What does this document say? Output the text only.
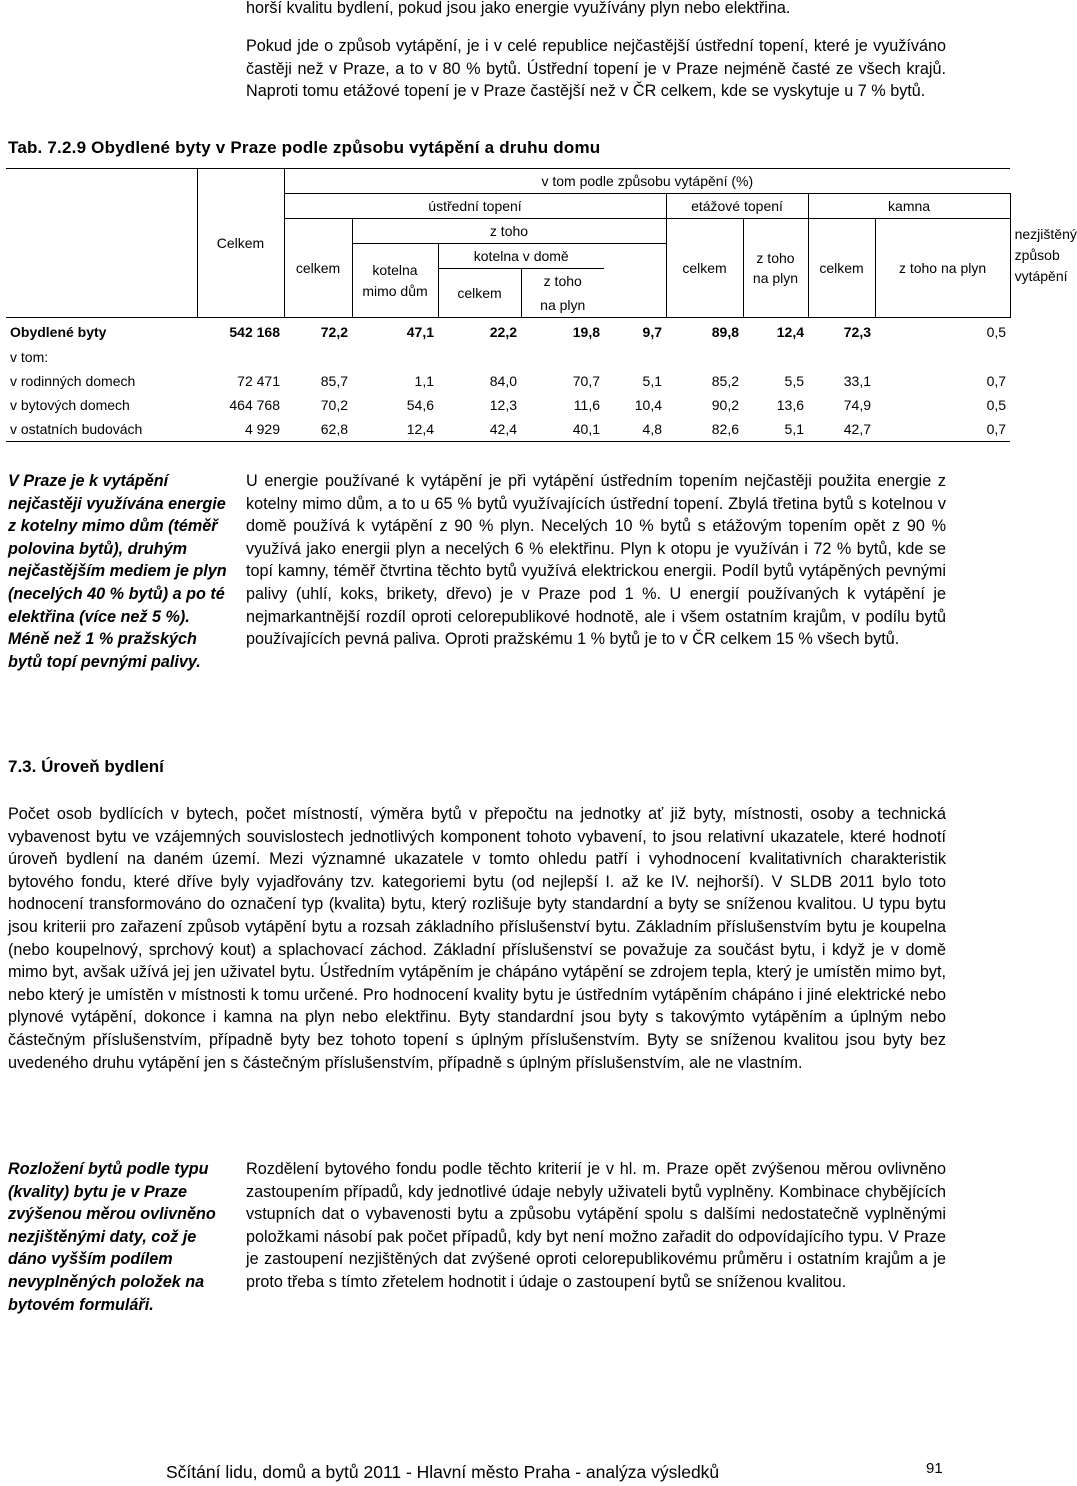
horší kvalitu bydlení, pokud jsou jako energie využívány plyn nebo elektřina.
Pokud jde o způsob vytápění, je i v celé republice nejčastější ústřední topení, které je využíváno častěji než v Praze, a to v 80 % bytů. Ústřední topení je v Praze nejméně časté ze všech krajů. Naproti tomu etážové topení je v Praze častější než v ČR celkem, kde se vyskytuje u 7 % bytů.
Tab. 7.2.9 Obydlené byty v Praze podle způsobu vytápění a druhu domu
	Celkem	v tom podle způsobu vytápění (%)									
		ústřední topení					etážové topení		kamna		nezjištěný způsob vytápění
		celkem	z toho				celkem	z toho na plyn	celkem	z toho na plyn	
			kotelna mimo dům	kotelna v domě							
				celkem	z toho						
					na plyn						
Obydlené byty	542 168	72,2	47,1	22,2	19,8	9,7	89,8	12,4	72,3	0,5	
v tom:											
v rodinných domech	72 471	85,7	1,1	84,0	70,7	5,1	85,2	5,5	33,1	0,7	
v bytových domech	464 768	70,2	54,6	12,3	11,6	10,4	90,2	13,6	74,9	0,5	
v ostatních budovách	4 929	62,8	12,4	42,4	40,1	4,8	82,6	5,1	42,7	0,7	
V Praze je k vytápění nejčastěji využívána energie z kotelny mimo dům (téměř polovina bytů), druhým nejčastějším mediem je plyn (necelých 40 % bytů) a po té elektřina (více než 5 %). Méně než 1 % pražských bytů topí pevnými palivy.
U energie používané k vytápění je při vytápění ústředním topením nejčastěji použita energie z kotelny mimo dům, a to u 65 % bytů využívajících ústřední topení. Zbylá třetina bytů s kotelnou v domě používá k vytápění z 90 % plyn. Necelých 10 % bytů s etážovým topením opět z 90 % využívá jako energii plyn a necelých 6 % elektřinu. Plyn k otopu je využíván i 72 % bytů, kde se topí kamny, téměř čtvrtina těchto bytů využívá elektrickou energii. Podíl bytů vytápěných pevnými palivy (uhlí, koks, brikety, dřevo) je v Praze pod 1 %. U energií používaných k vytápění je nejmarkantnější rozdíl oproti celorepublikové hodnotě, ale i všem ostatním krajům, v podílu bytů používajících pevná paliva. Oproti pražskému 1 % bytů je to v ČR celkem 15 % všech bytů.
7.3. Úroveň bydlení
Počet osob bydlících v bytech, počet místností, výměra bytů v přepočtu na jednotky ať již byty, místnosti, osoby a technická vybavenost bytu ve vzájemných souvislostech jednotlivých komponent tohoto vybavení, to jsou relativní ukazatele, které hodnotí úroveň bydlení na daném území. Mezi významné ukazatele v tomto ohledu patří i vyhodnocení kvalitativních charakteristik bytového fondu, které dříve byly vyjadřovány tzv. kategoriemi bytu (od nejlepší I. až ke IV. nejhorší). V SLDB 2011 bylo toto hodnocení transformováno do označení typ (kvalita) bytu, který rozlišuje byty standardní a byty se sníženou kvalitou. U typu bytu jsou kriterii pro zařazení způsob vytápění bytu a rozsah základního příslušenství bytu. Základním příslušenstvím bytu je koupelna (nebo koupelnový, sprchový kout) a splachovací záchod. Základní příslušenství se považuje za součást bytu, i když je v domě mimo byt, avšak užívá jej jen uživatel bytu. Ústředním vytápěním je chápáno vytápění se zdrojem tepla, který je umístěn mimo byt, nebo který je umístěn v místnosti k tomu určené. Pro hodnocení kvality bytu je ústředním vytápěním chápáno i jiné elektrické nebo plynové vytápění, dokonce i kamna na plyn nebo elektřinu. Byty standardní jsou byty s takovýmto vytápěním a úplným nebo částečným příslušenstvím, případně byty bez tohoto topení s úplným příslušenstvím. Byty se sníženou kvalitou jsou byty bez uvedeného druhu vytápění jen s částečným příslušenstvím, případně s úplným příslušenstvím, ale ne vlastním.
Rozložení bytů podle typu (kvality) bytu je v Praze zvýšenou měrou ovlivněno nezjištěnými daty, což je dáno vyšším podílem nevyplněných položek na bytovém formuláři.
Rozdělení bytového fondu podle těchto kriterií je v hl. m. Praze opět zvýšenou měrou ovlivněno zastoupením případů, kdy jednotlivé údaje nebyly uživateli bytů vyplněny. Kombinace chybějících vstupních dat o vybavenosti bytu a způsobu vytápění spolu s dalšími nedostatečně vyplněnými položkami násobí pak počet případů, kdy byt není možno zařadit do odpovídajícího typu. V Praze je zastoupení nezjištěných dat zvýšené oproti celorepublikovému průměru i ostatním krajům a je proto třeba s tímto zřetelem hodnotit i údaje o zastoupení bytů se sníženou kvalitou.
Sčítání lidu, domů a bytů 2011 - Hlavní město Praha - analýza výsledků	91
